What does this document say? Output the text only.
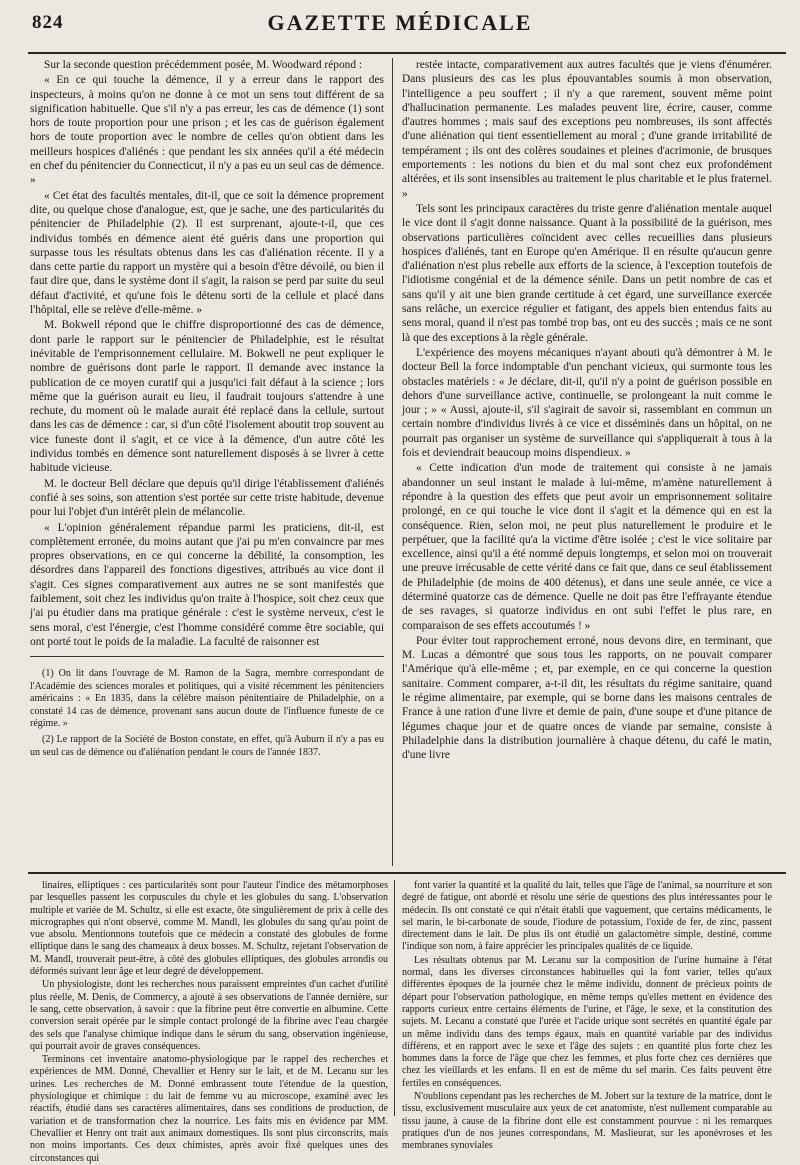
824	GAZETTE MÉDICALE

Sur la seconde question précédemment posée, M. Woodward répond :

« En ce qui touche la démence, il y a erreur dans le rapport des inspecteurs, à moins qu'on ne donne à ce mot un sens tout différent de sa signification habituelle. Que s'il n'y a pas erreur, les cas de démence (1) sont hors de toute proportion pour une prison ; et les cas de guérison également hors de toute proportion avec le nombre de celles qu'on obtient dans les meilleurs hospices d'aliénés : que pendant les six années qu'il a été médecin en chef du pénitencier du Connecticut, il n'y a pas eu un seul cas de démence. »

« Cet état des facultés mentales, dit-il, que ce soit la démence proprement dite, ou quelque chose d'analogue, est, que je sache, une des particularités du pénitencier de Philadelphie (2). Il est surprenant, ajoute-t-il, que ces individus tombés en démence aient été guéris dans une proportion qui surpasse tous les résultats obtenus dans les cas d'aliénation récente. Il y a dans cette partie du rapport un mystère qui a besoin d'être dévoilé, ou bien il faut dire que, dans le système dont il s'agit, la raison se perd par suite du seul défaut d'activité, et qu'une fois le détenu sorti de la cellule et placé dans l'hôpital, elle se relève d'elle-même. »

M. Bokwell répond que le chiffre disproportionné des cas de démence, dont parle le rapport sur le pénitencier de Philadelphie, est le résultat inévitable de l'emprisonnement cellulaire. M. Bokwell ne peut expliquer le nombre de guérisons dont parle le rapport. Il demande avec instance la publication de ce moyen curatif qui a jusqu'ici fait défaut à la science ; lors même que la guérison aurait eu lieu, il faudrait toujours s'attendre à une rechute, du moment où le malade aurait été replacé dans la cellule, surtout dans les cas de démence : car, si d'un côté l'isolement aboutit trop souvent au vice funeste dont il s'agit, et ce vice à la démence, d'un autre côté les individus tombés en démence sont naturellement disposés à se livrer à cette habitude vicieuse.

M. le docteur Bell déclare que depuis qu'il dirige l'établissement d'aliénés confié à ses soins, son attention s'est portée sur cette triste habitude, devenue pour lui l'objet d'un intérêt plein de mélancolie.

« L'opinion généralement répandue parmi les praticiens, dit-il, est complètement erronée, du moins autant que j'ai pu m'en convaincre par mes propres observations, en ce qui concerne la débilité, la consomption, les désordres dans l'appareil des fonctions digestives, attribués au vice dont il s'agit. Ces signes comparativement aux autres ne se sont manifestés que faiblement, soit chez les individus qu'on traite à l'hospice, soit chez ceux que j'ai pu étudier dans ma pratique générale : c'est le système nerveux, c'est le sens moral, c'est l'énergie, c'est l'homme considéré comme être sociable, qui ont porté tout le poids de la maladie. La faculté de raisonner est

(1) On lit dans l'ouvrage de M. Ramon de la Sagra, membre correspondant de l'Académie des sciences morales et politiques, qui a visité récemment les pénitenciers américains : « En 1835, dans la célèbre maison pénitentiaire de Philadelphie, on a constaté 14 cas de démence, provenant sans aucun doute de l'influence funeste de ce régime. »

(2) Le rapport de la Société de Boston constate, en effet, qu'à Auburn il n'y a pas eu un seul cas de démence ou d'aliénation pendant le cours de l'année 1837.

restée intacte, comparativement aux autres facultés que je viens d'énumérer. Dans plusieurs des cas les plus épouvantables soumis à mon observation, l'intelligence a peu souffert ; il n'y a que rarement, souvent même point d'hallucination permanente. Les malades peuvent lire, écrire, causer, comme d'autres hommes ; mais sauf des exceptions peu nombreuses, ils sont affectés d'une aliénation qui tient essentiellement au moral ; d'une grande irritabilité de tempérament ; ils ont des colères soudaines et pleines d'acrimonie, de brusques emportements : les notions du bien et du mal sont chez eux profondément altérées, et ils sont insensibles au traitement le plus charitable et le plus fraternel. »

Tels sont les principaux caractères du triste genre d'aliénation mentale auquel le vice dont il s'agit donne naissance. Quant à la possibilité de la guérison, mes observations particulières coïncident avec celles recueillies dans plusieurs hospices d'aliénés, tant en Europe qu'en Amérique. Il en résulte qu'aucun genre d'aliénation n'est plus rebelle aux efforts de la science, à l'exception toutefois de l'idiotisme congénial et de la démence sénile. Dans un petit nombre de cas et sans qu'il y ait une bien grande certitude à cet égard, une surveillance exercée sans relâche, un exercice régulier et fatigant, des appels bien entendus faits au sens moral, quand il n'est pas tombé trop bas, ont eu des succès ; mais ce ne sont là que des exceptions à la règle générale.

L'expérience des moyens mécaniques n'ayant abouti qu'à démontrer à M. le docteur Bell la force indomptable d'un penchant vicieux, qui surmonte tous les obstacles matériels : « Je déclare, dit-il, qu'il n'y a point de guérison possible en dehors d'une surveillance active, continuelle, se prolongeant la nuit comme le jour ; » « Aussi, ajoute-il, s'il s'agirait de savoir si, rassemblant en commun un certain nombre d'individus livrés à ce vice et disséminés dans un hôpital, on ne pourrait pas organiser un système de surveillance qui s'appliquerait à tous à la fois et deviendrait beaucoup moins dispendieux. »

« Cette indication d'un mode de traitement qui consiste à ne jamais abandonner un seul instant le malade à lui-même, m'amène naturellement à répondre à la question des effets que peut avoir un emprisonnement solitaire prolongé, en ce qui touche le vice dont il s'agit et la démence qui en est la conséquence. Rien, selon moi, ne peut plus naturellement le produire et le perpétuer, que la facilité qu'a la victime d'être isolée ; c'est le vice solitaire par excellence, ainsi qu'il a été nommé depuis longtemps, et selon moi on trouverait une preuve irrécusable de cette vérité dans ce fait que, dans ce seul établissement de Philadelphie (de moins de 400 détenus), et dans une seule année, ce vice a déterminé quatorze cas de démence. Quelle ne doit pas être l'effrayante étendue de ses ravages, si quatorze individus en ont subi l'effet le plus rare, en comparaison de ses effets accoutumés ! »

Pour éviter tout rapprochement erroné, nous devons dire, en terminant, que M. Lucas a démontré que sous tous les rapports, on ne pouvait comparer l'Amérique qu'à elle-même ; et, par exemple, en ce qui concerne la question sanitaire. Comment comparer, a-t-il dit, les résultats du régime sanitaire, quand le régime alimentaire, par exemple, qui se borne dans les maisons centrales de France à une ration d'une livre et demie de pain, d'une soupe et d'une pitance de légumes chaque jour et de quatre onces de viande par semaine, consiste à Philadelphie dans la distribution journalière à chaque détenu, du café le matin, d'une livre

linaires, elliptiques : ces particularités sont pour l'auteur l'indice des métamorphoses par lesquelles passent les corpuscules du chyle et les globules du sang. L'observation multiple et variée de M. Schultz, si elle est exacte, ôte singulièrement de prix à celle des micrographes qui n'ont observé, comme M. Mandl, les globules du sang qu'au point de vue absolu. Mentionnons toutefois que ce médecin a constaté des globules de forme elliptique dans le sang des chameaux à deux bosses. M. Schultz, rejetant l'observation de M. Mandl, trouverait peut-être, à côté des globules elliptiques, des globules arrondis ou déformés suivant leur âge et leur degré de développement.

Un physiologiste, dont les recherches nous paraissent empreintes d'un cachet d'utilité plus réelle, M. Denis, de Commercy, a ajouté à ses observations de l'année dernière, sur le sang, cette observation, à savoir : que la fibrine peut être convertie en albumine. Cette conversion serait opérée par le simple contact prolongé de la fibrine avec l'eau chargée des sels que l'analyse chimique indique dans le sérum du sang, observation ingénieuse, qui pourrait avoir de graves conséquences.

Terminons cet inventaire anatomo-physiologique par le rappel des recherches et expériences de MM. Donné, Chevallier et Henry sur le lait, et de M. Lecanu sur les urines. Les recherches de M. Donné embrassent toute l'étendue de la question, physiologique et chimique : du lait de femme vu au microscope, examiné avec les réactifs, étudié dans ses caractères alimentaires, dans ses conditions de production, de variation et de transformation chez la nourrice. Les faits mis en évidence par MM. Chevallier et Henry ont trait aux animaux domestiques. Ils sont plus circonscrits, mais non moins importants. Ces deux chimistes, après avoir fixé quelques unes des circonstances qui

font varier la quantité et la qualité du lait, telles que l'âge de l'animal, sa nourriture et son degré de fatigue, ont abordé et résolu une série de questions des plus intéressantes pour le médecin. Ils ont constaté ce qui n'était établi que vaguement, que certains médicaments, le sel marin, le bi-carbonate de soude, l'iodure de potassium, l'oxide de fer, de zinc, passent directement dans le lait. De plus ils ont étudié un galactomètre simple, destiné, comme l'indique son nom, à faire apprécier les principales qualités de ce liquide.

Les résultats obtenus par M. Lecanu sur la composition de l'urine humaine à l'état normal, dans les diverses circonstances habituelles qui la font varier, telles qu'aux différentes époques de la journée chez le même individu, donnent de précieux points de départ pour l'observation pathologique, en même temps qu'elles mettent en évidence des rapports curieux entre certains éléments de l'urine, et l'âge, le sexe, et la constitution des sujets. M. Lecanu a constaté que l'urée et l'acide urique sont secrétés en quantité égale par un même individu dans des temps égaux, mais en quantité variable par des individus différens, et en rapport avec le sexe et l'âge des sujets : en quantité plus forte chez les hommes dans la force de l'âge que chez les femmes, et plus forte chez ces dernières que chez les vieillards et les enfans. Il en est de même du sel marin. Ces faits peuvent être fertiles en conséquences.

N'oublions cependant pas les recherches de M. Jobert sur la texture de la matrice, dont le tissu, exclusivement musculaire aux yeux de cet anatomiste, n'est nullement comparable au tissu jaune, à cause de la fibrine dont elle est constamment pourvue : ni les remarques pratiques d'un de nos jeunes correspondans, M. Maslieurat, sur les aponévroses et les membranes synoviales
